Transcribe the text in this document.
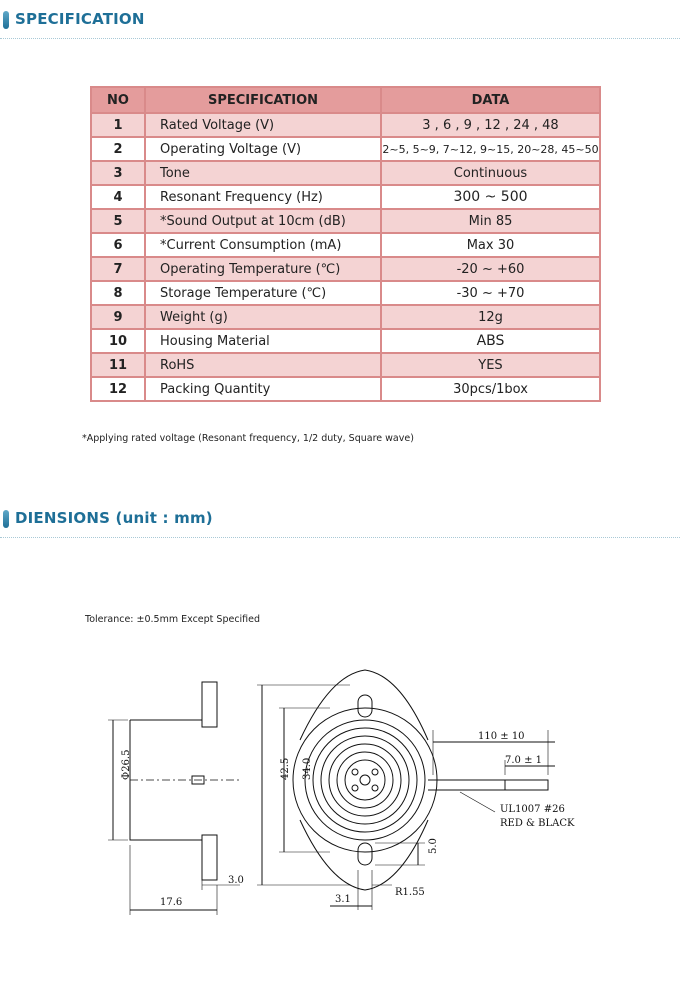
SPECIFICATION
NO	SPECIFICATION	DATA
1	Rated Voltage (V)	3 , 6 , 9 , 12 , 24 , 48
2	Operating Voltage (V)	2~5, 5~9, 7~12, 9~15, 20~28, 45~50
3	Tone	Continuous
4	Resonant Frequency (Hz)	300 ~ 500
5	*Sound Output at 10cm (dB)	Min 85
6	*Current Consumption (mA)	Max 30
7	Operating Temperature (℃)	-20 ~ +60
8	Storage Temperature (℃)	-30 ~ +70
9	Weight (g)	12g
10	Housing Material	ABS
11	RoHS	YES
12	Packing Quantity	30pcs/1box
*Applying rated voltage (Resonant frequency, 1/2 duty, Square wave)
DIENSIONS (unit : mm)
Tolerance: ±0.5mm Except Specified
Φ26.5
17.6
3.0
42.5 34.0
5.0
R1.55
3.1
110 ± 10
7.0 ± 1
UL1007 #26
RED & BLACK
